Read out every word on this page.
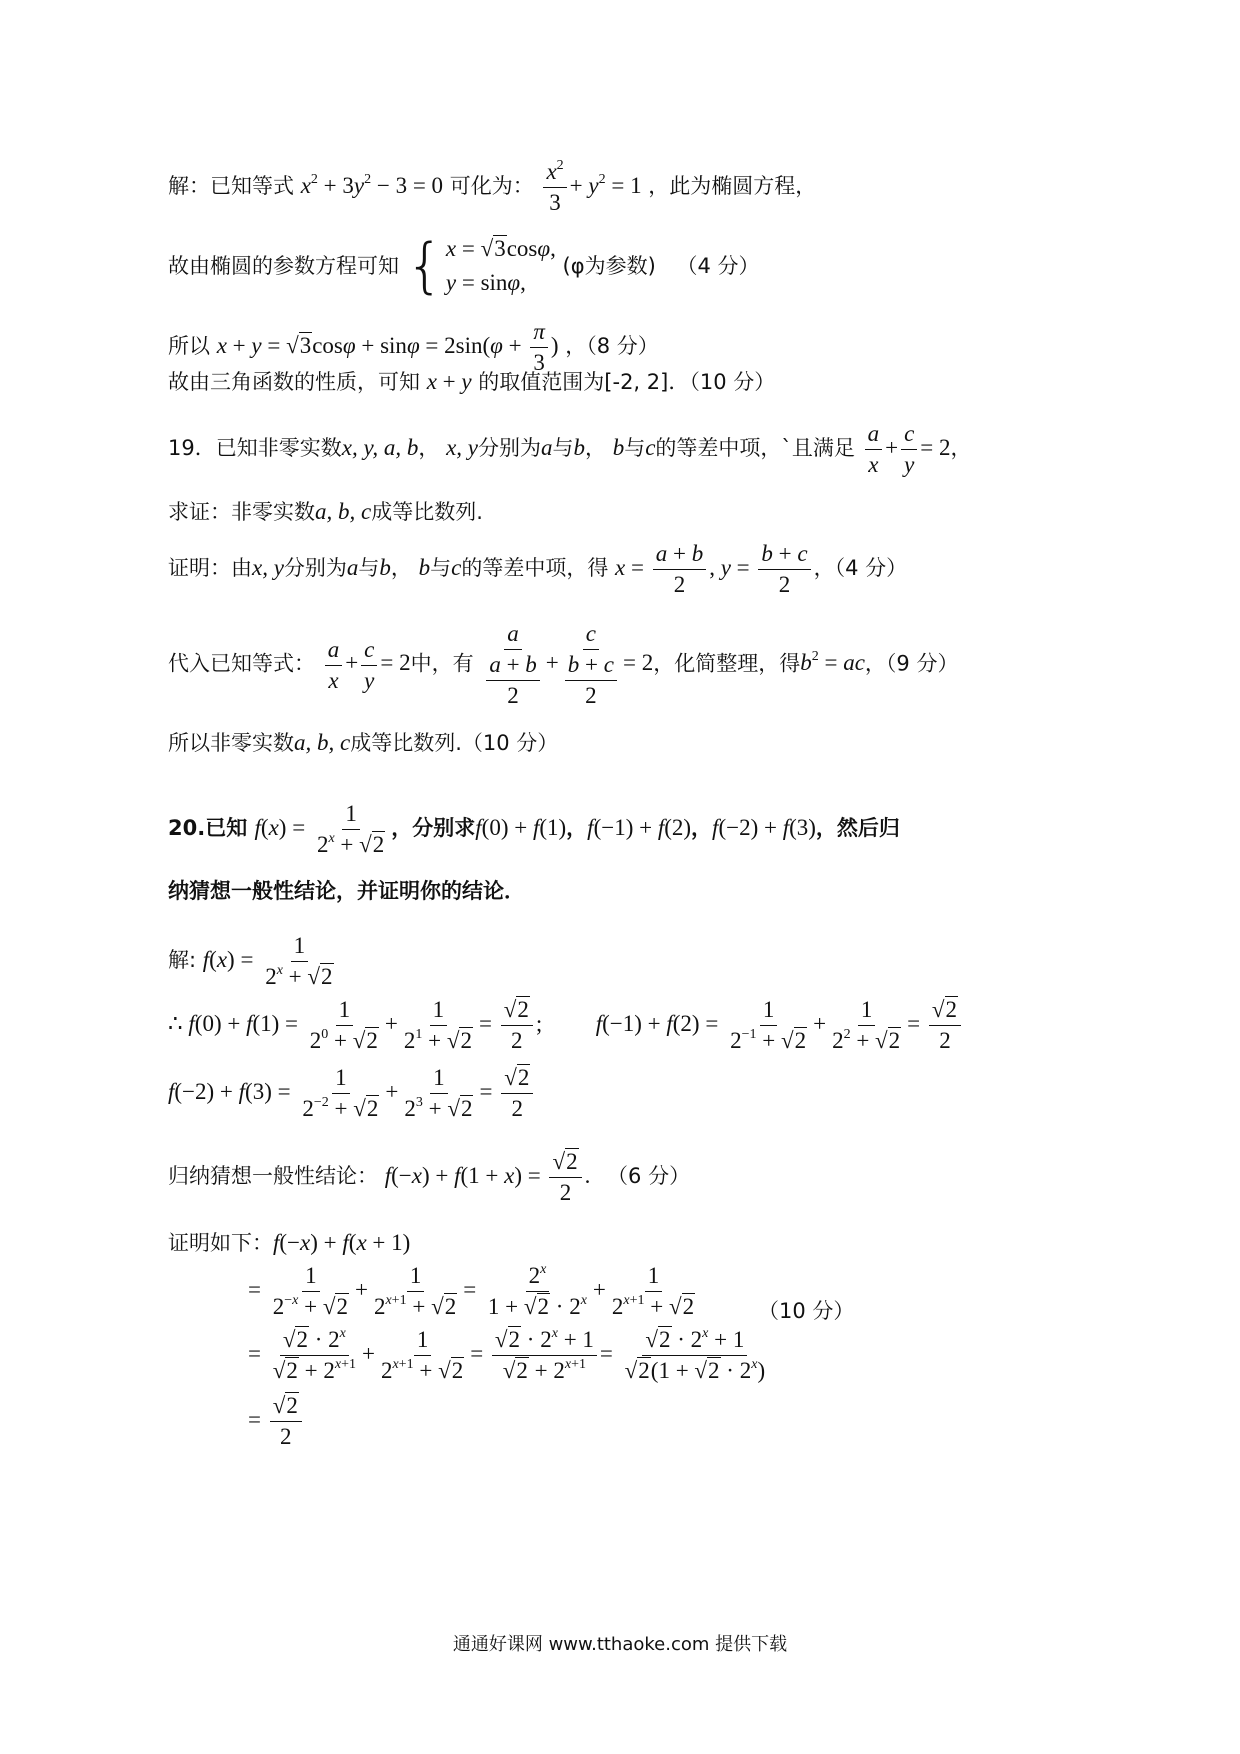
解：已知等式 $x^2 + 3y^2 - 3 = 0$ 可化为： $\frac{x^2}{3} + y^2 = 1$ ，此为椭圆方程，
故由椭圆的参数方程可知 { x = √3cosφ,
y = sinφ,
(φ为参数) （4 分）
所以 $x + y = √3\cos\varphi + \sin\varphi = 2\sin(\varphi + \frac{\pi}{3}$ ) ，（8 分）
故由三角函数的性质，可知 x + y 的取值范围为[-2, 2]．（10 分）
19．已知非零实数x, y, a, b， x, y分别为a与b， b与c的等差中项，`且满足 $\frac{a}{x} + \frac{c}{y} = 2$，
求证：非零实数a, b, c成等比数列.
证明：由x, y分别为a与b， b与c的等差中项，得 $x = \frac{a + b}{2}$ , $y = \frac{b + c}{2}$ ，（4 分）
代入已知等式： $\frac{a}{x} + \frac{c}{y} = 2$中，有 $\frac{a}{\frac{a + b}{2}} + \frac{c}{\frac{b + c}{2}} = 2$，化简整理，得$b^2$ = ac，（9 分）
所以非零实数a, b, c成等比数列.（10 分）
20.已知 $f(x) = \frac{1}{2^x + √2}$ ，分别求f(0) + f(1)，f(−1) + f(2)，f(−2) + f(3)，然后归
纳猜想一般性结论，并证明你的结论．
解: $f(x) = \frac{1}{2^x + √2}$
∴ $f(0) + f(1) = \frac{1}{2^0 + √2} + \frac{1}{2^1 + √2} = \frac{√2}{2}$ ;  $f(-1) + f(2) = \frac{1}{2^{-1} + √2} + \frac{1}{2^2 + √2} = \frac{√2}{2}$
$f(-2) + f(3) = \frac{1}{2^{-2} + √2} + \frac{1}{2^3 + √2} = \frac{√2}{2}$
归纳猜想一般性结论： $f(-x) + f(1 + x) = \frac{√2}{2}$ . （6 分）
证明如下：f(−x) + f(x + 1)
= $\frac{1}{2^{-x} + √2} + \frac{1}{2^{x+1} + √2} = \frac{2^x}{1 + √2 \cdot 2^x} + \frac{1}{2^{x+1} + √2}$	（10 分）
= $\frac{√2 \cdot 2^x}{√2 + 2^{x+1}} + \frac{1}{2^{x+1} + √2} = \frac{√2 \cdot 2^x + 1}{√2 + 2^{x+1}} = \frac{√2 \cdot 2^x + 1}{√2(1 + √2 \cdot 2^x)}$
= $\frac{√2}{2}$
通通好课网 www.tthaoke.com 提供下载
